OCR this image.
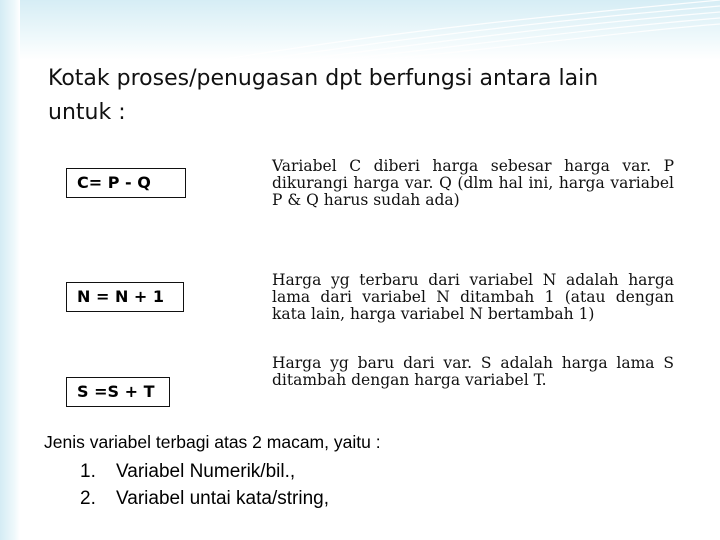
Kotak proses/penugasan dpt berfungsi antara lain untuk :
C= P - Q
Variabel C diberi harga sebesar harga var. P dikurangi harga var. Q (dlm hal ini, harga variabel P & Q harus sudah ada)
N = N + 1
Harga yg terbaru dari variabel N adalah harga lama dari variabel N ditambah 1 (atau dengan kata lain, harga variabel N bertambah 1)
S =S + T
Harga yg baru dari var. S adalah harga lama S ditambah dengan harga variabel T.
Jenis variabel terbagi atas 2 macam, yaitu :
1. Variabel Numerik/bil.,
2. Variabel untai kata/string,
